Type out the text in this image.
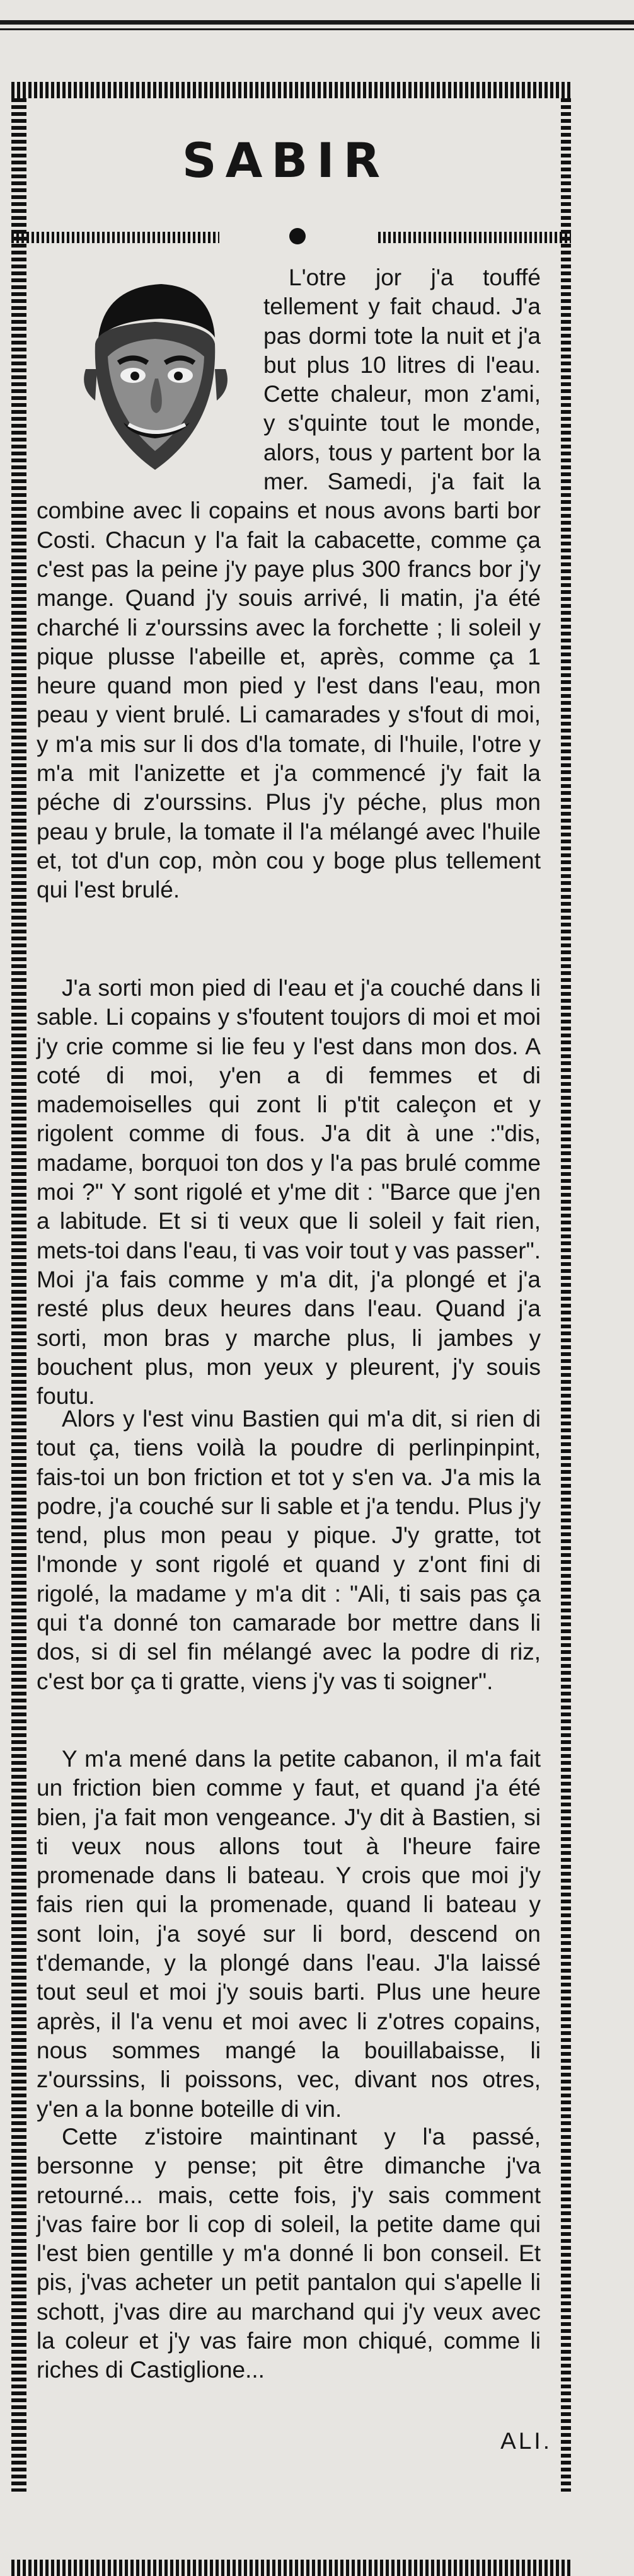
SABIR

L'otre jor j'a touffé tellement y fait chaud. J'a pas dormi tote la nuit et j'a but plus 10 litres di l'eau. Cette chaleur, mon z'ami, y s'quinte tout le monde, alors, tous y partent bor la mer. Samedi, j'a fait la combine avec li copains et nous avons barti bor Costi. Chacun y l'a fait la cabacette, comme ça c'est pas la peine j'y paye plus 300 francs bor j'y mange. Quand j'y souis arrivé, li matin, j'a été charché li z'ourssins avec la forchette ; li soleil y pique plusse l'abeille et, après, comme ça 1 heure quand mon pied y l'est dans l'eau, mon peau y vient brulé. Li camarades y s'fout di moi, y m'a mis sur li dos d'la tomate, di l'huile, l'otre y m'a mit l'anizette et j'a commencé j'y fait la péche di z'ourssins. Plus j'y péche, plus mon peau y brule, la tomate il l'a mélangé avec l'huile et, tot d'un cop, mòn cou y boge plus tellement qui l'est brulé.

J'a sorti mon pied di l'eau et j'a couché dans li sable. Li copains y s'foutent toujors di moi et moi j'y crie comme si lie feu y l'est dans mon dos. A coté di moi, y'en a di femmes et di mademoiselles qui zont li p'tit caleçon et y rigolent comme di fous. J'a dit à une :"dis, madame, borquoi ton dos y l'a pas brulé comme moi ?" Y sont rigolé et y'me dit : "Barce que j'en a labitude. Et si ti veux que li soleil y fait rien, mets-toi dans l'eau, ti vas voir tout y vas passer". Moi j'a fais comme y m'a dit, j'a plongé et j'a resté plus deux heures dans l'eau. Quand j'a sorti, mon bras y marche plus, li jambes y bouchent plus, mon yeux y pleurent, j'y souis foutu.

Alors y l'est vinu Bastien qui m'a dit, si rien di tout ça, tiens voilà la poudre di perlinpinpint, fais-toi un bon friction et tot y s'en va. J'a mis la podre, j'a couché sur li sable et j'a tendu. Plus j'y tend, plus mon peau y pique. J'y gratte, tot l'monde y sont rigolé et quand y z'ont fini di rigolé, la madame y m'a dit : "Ali, ti sais pas ça qui t'a donné ton camarade bor mettre dans li dos, si di sel fin mélangé avec la podre di riz, c'est bor ça ti gratte, viens j'y vas ti soigner".

Y m'a mené dans la petite cabanon, il m'a fait un friction bien comme y faut, et quand j'a été bien, j'a fait mon vengeance. J'y dit à Bastien, si ti veux nous allons tout à l'heure faire promenade dans li bateau. Y crois que moi j'y fais rien qui la promenade, quand li bateau y sont loin, j'a soyé sur li bord, descend on t'demande, y la plongé dans l'eau. J'la laissé tout seul et moi j'y souis barti. Plus une heure après, il l'a venu et moi avec li z'otres copains, nous sommes mangé la bouillabaisse, li z'ourssins, li poissons, vec, divant nos otres, y'en a la bonne boteille di vin.

Cette z'istoire maintinant y l'a passé, bersonne y pense; pit être dimanche j'va retourné... mais, cette fois, j'y sais comment j'vas faire bor li cop di soleil, la petite dame qui l'est bien gentille y m'a donné li bon conseil. Et pis, j'vas acheter un petit pantalon qui s'apelle li schott, j'vas dire au marchand qui j'y veux avec la coleur et j'y vas faire mon chiqué, comme li riches di Castiglione...

ALI.
